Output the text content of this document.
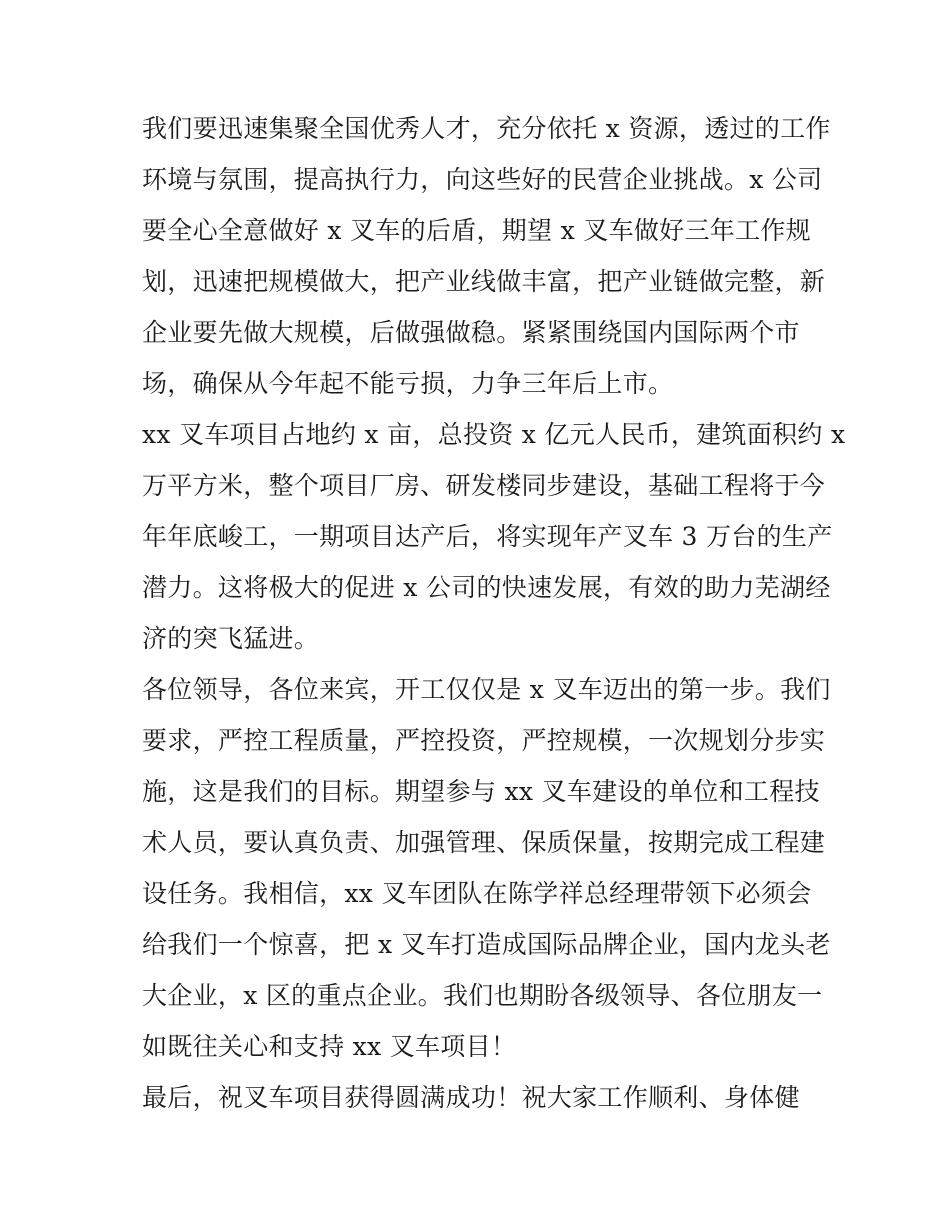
我们要迅速集聚全国优秀人才，充分依托 x 资源，透过的工作
环境与氛围，提高执行力，向这些好的民营企业挑战。x 公司
要全心全意做好 x 叉车的后盾，期望 x 叉车做好三年工作规
划，迅速把规模做大，把产业线做丰富，把产业链做完整，新
企业要先做大规模，后做强做稳。紧紧围绕国内国际两个市
场，确保从今年起不能亏损，力争三年后上市。
xx 叉车项目占地约 x 亩，总投资 x 亿元人民币，建筑面积约 x
万平方米，整个项目厂房、研发楼同步建设，基础工程将于今
年年底峻工，一期项目达产后，将实现年产叉车 3 万台的生产
潜力。这将极大的促进 x 公司的快速发展，有效的助力芜湖经
济的突飞猛进。
各位领导，各位来宾，开工仅仅是 x 叉车迈出的第一步。我们
要求，严控工程质量，严控投资，严控规模，一次规划分步实
施，这是我们的目标。期望参与 xx 叉车建设的单位和工程技
术人员，要认真负责、加强管理、保质保量，按期完成工程建
设任务。我相信，xx 叉车团队在陈学祥总经理带领下必须会
给我们一个惊喜，把 x 叉车打造成国际品牌企业，国内龙头老
大企业，x 区的重点企业。我们也期盼各级领导、各位朋友一
如既往关心和支持 xx 叉车项目！
最后，祝叉车项目获得圆满成功！祝大家工作顺利、身体健
